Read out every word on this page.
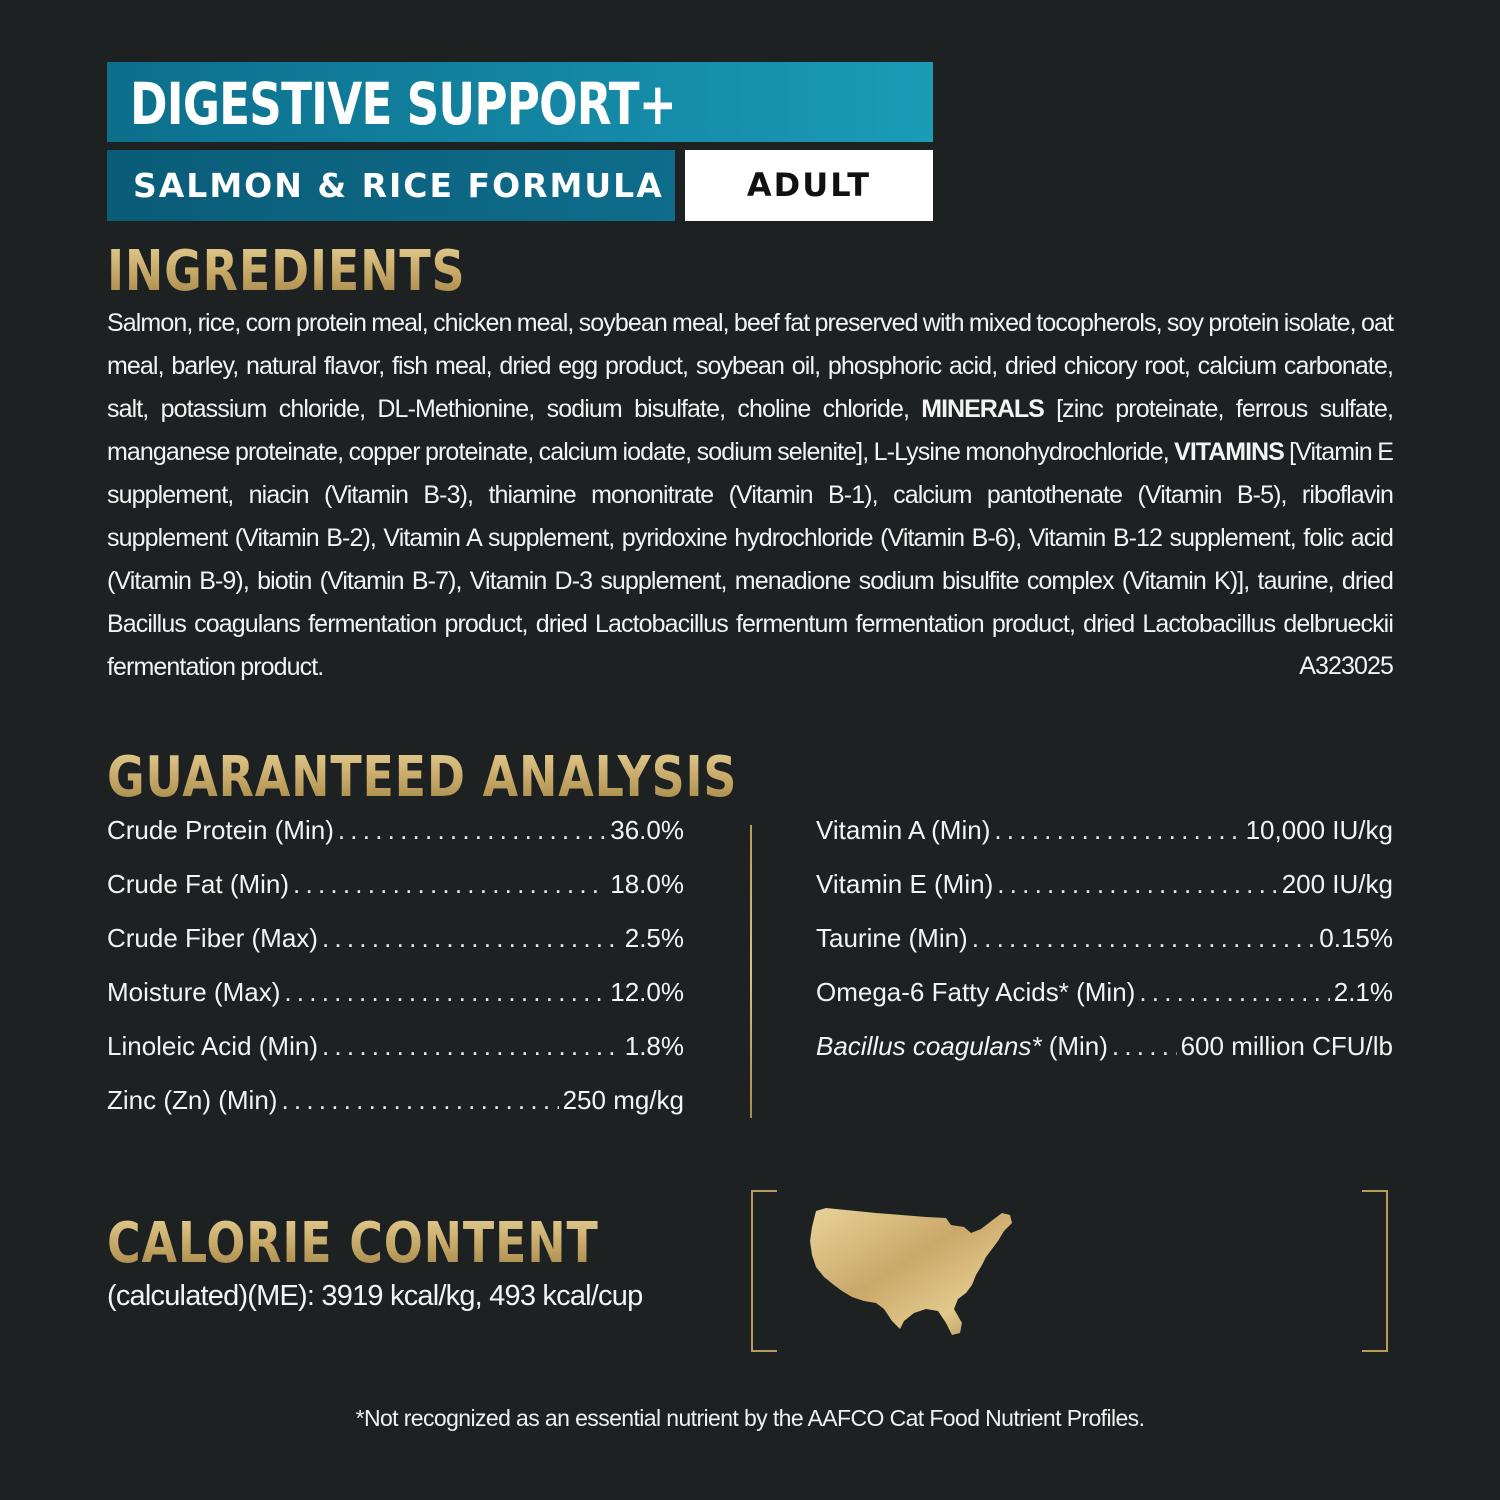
DIGESTIVE SUPPORT+
SALMON & RICE FORMULA	ADULT
INGREDIENTS
Salmon, rice, corn protein meal, chicken meal, soybean meal, beef fat preserved with mixed tocopherols, soy protein isolate, oat meal, barley, natural flavor, fish meal, dried egg product, soybean oil, phosphoric acid, dried chicory root, calcium carbonate, salt, potassium chloride, DL-Methionine, sodium bisulfate, choline chloride, MINERALS [zinc proteinate, ferrous sulfate, manganese proteinate, copper proteinate, calcium iodate, sodium selenite], L-Lysine monohydrochloride, VITAMINS [Vitamin E supplement, niacin (Vitamin B-3), thiamine mononitrate (Vitamin B-1), calcium pantothenate (Vitamin B-5), riboflavin supplement (Vitamin B-2), Vitamin A supplement, pyridoxine hydrochloride (Vitamin B-6), Vitamin B-12 supplement, folic acid (Vitamin B-9), biotin (Vitamin B-7), Vitamin D-3 supplement, menadione sodium bisulfite complex (Vitamin K)], taurine, dried Bacillus coagulans fermentation product, dried Lactobacillus fermentum fermentation product, dried Lactobacillus delbrueckii fermentation product.	A323025
GUARANTEED ANALYSIS
Crude Protein (Min) . . .	36.0%
Crude Fat (Min) . . .	18.0%
Crude Fiber (Max) . . .	2.5%
Moisture (Max) . . .	12.0%
Linoleic Acid (Min) . . .	1.8%
Zinc (Zn) (Min) . . .	250 mg/kg
Vitamin A (Min) . . .	10,000 IU/kg
Vitamin E (Min) . . .	200 IU/kg
Taurine (Min) . . .	0.15%
Omega-6 Fatty Acids* (Min) . . .	2.1%
Bacillus coagulans* (Min) . . .	600 million CFU/lb
CALORIE CONTENT
(calculated)(ME): 3919 kcal/kg, 493 kcal/cup
MADE IN U.S.
FACILITIES
*Not recognized as an essential nutrient by the AAFCO Cat Food Nutrient Profiles.
